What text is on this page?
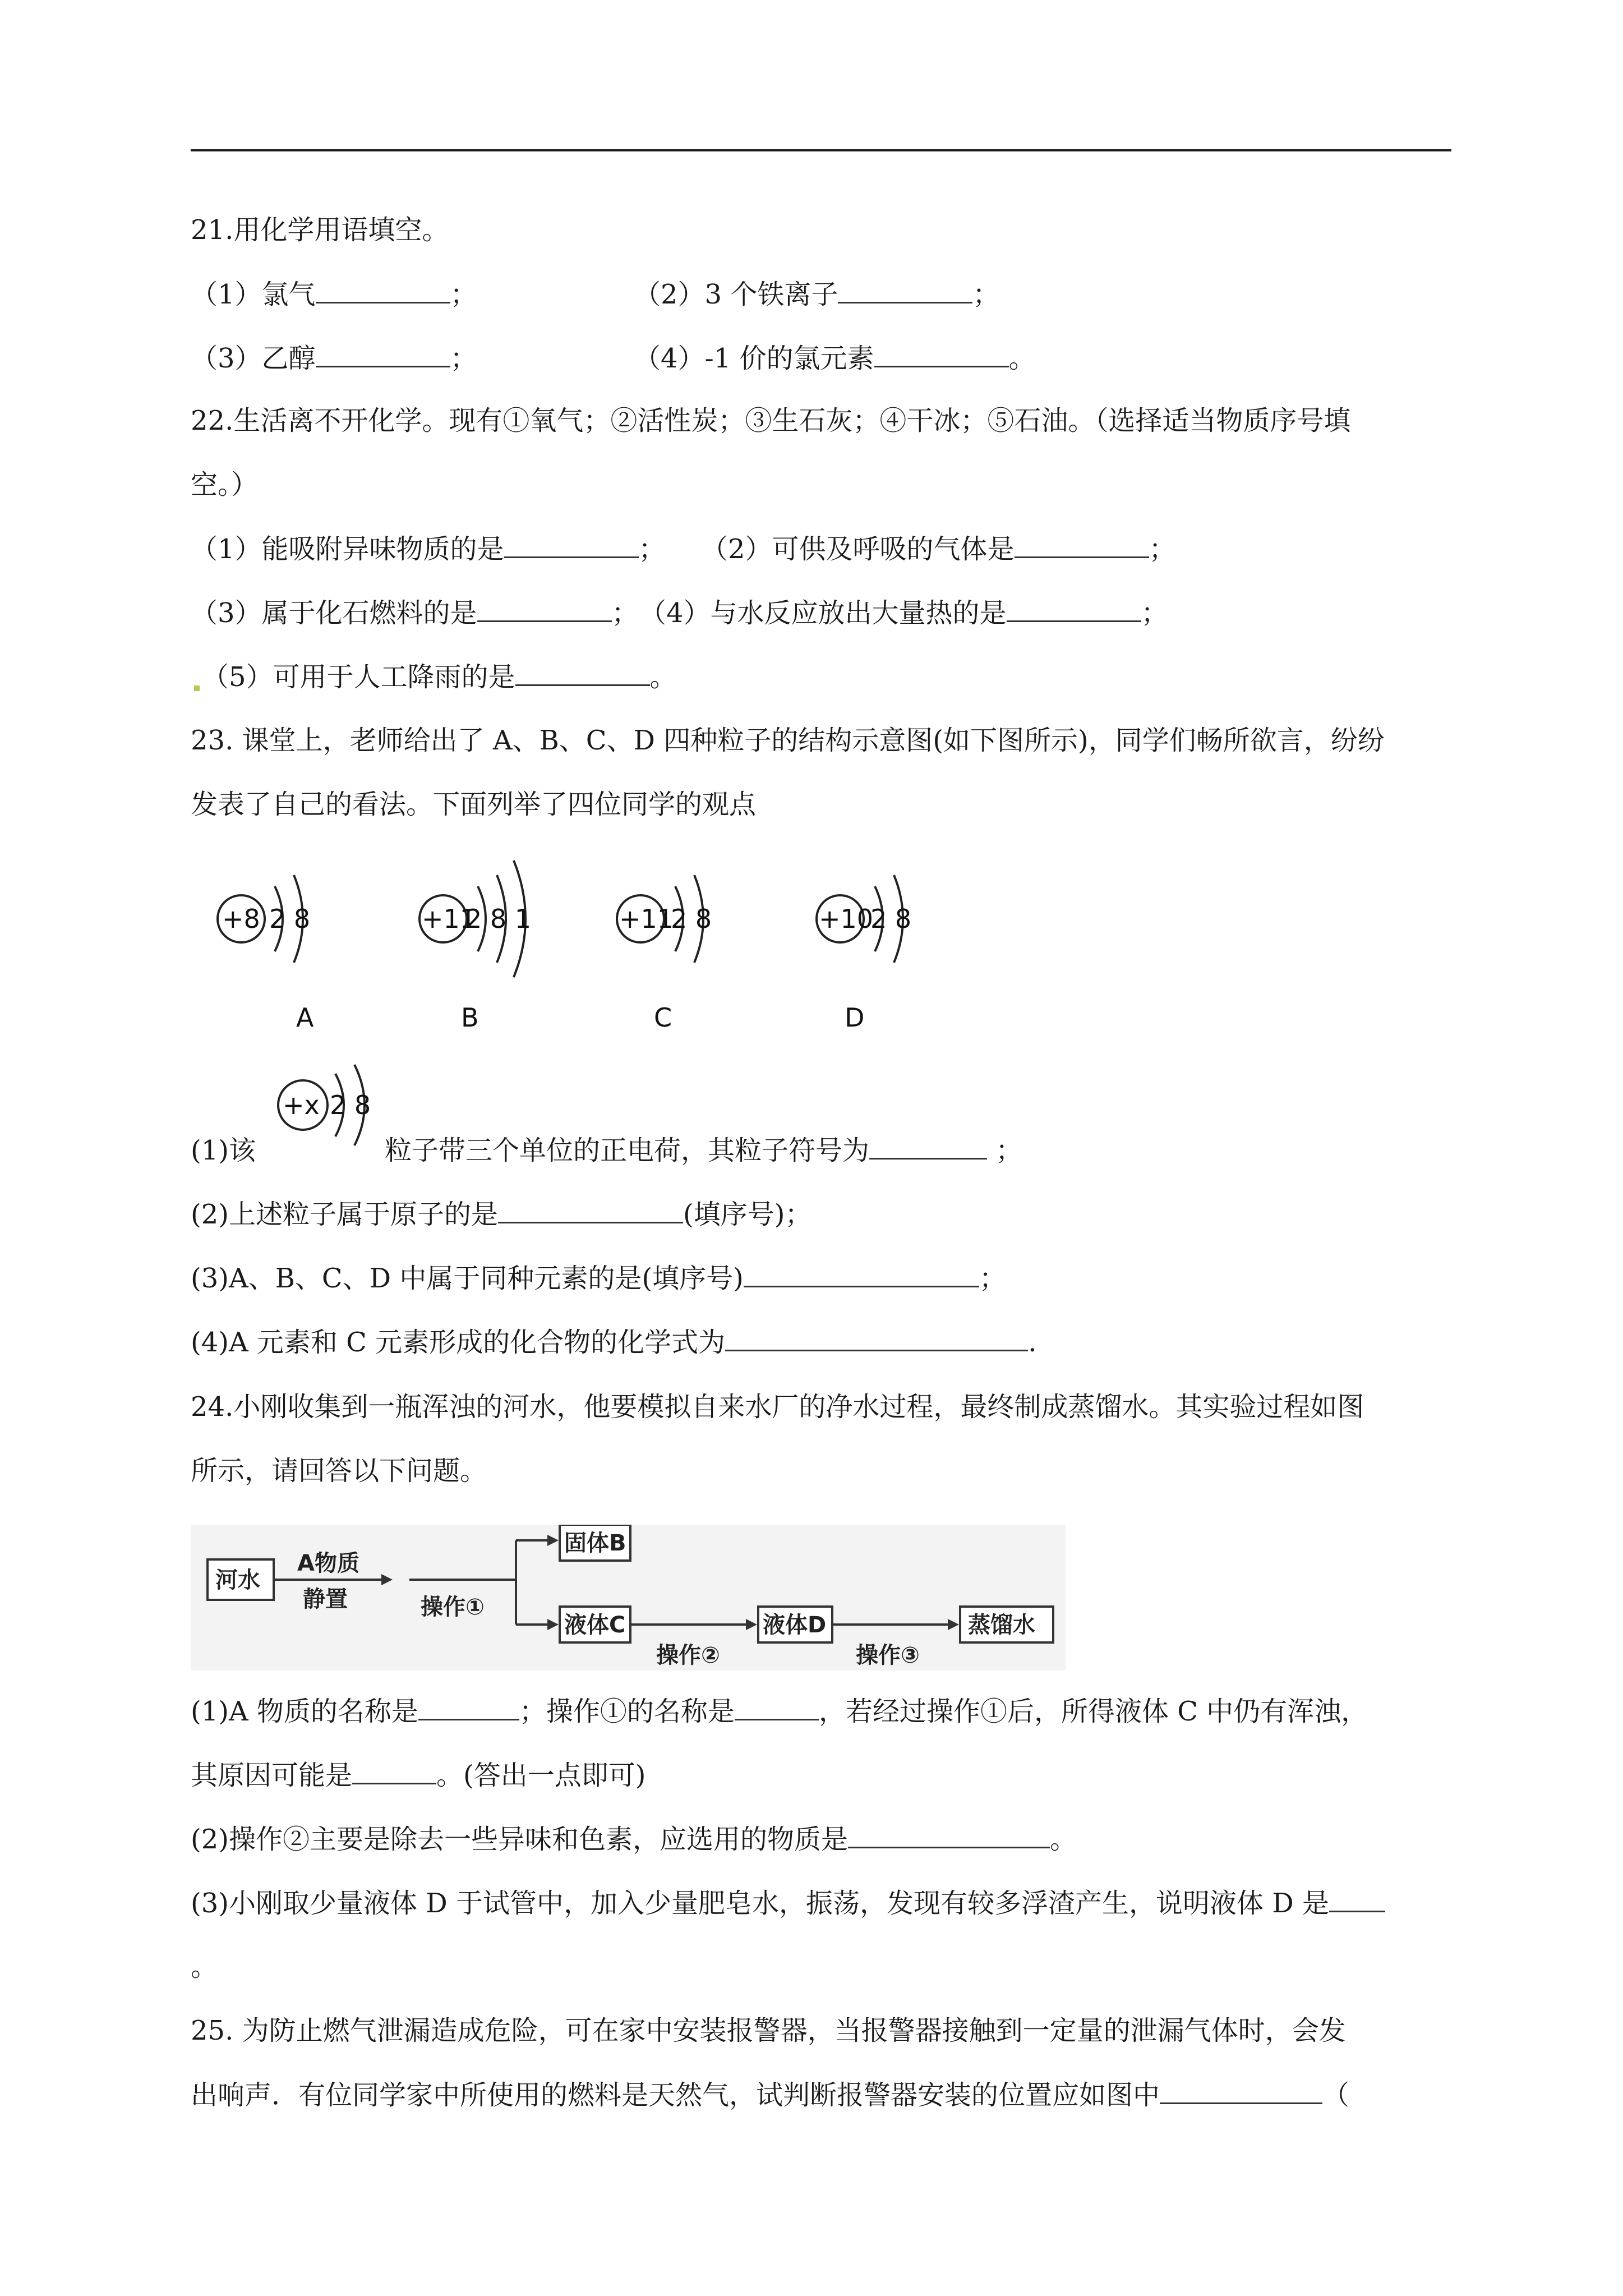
21.用化学用语填空。
（1）氯气	；	（2）3 个铁离子	；
（3）乙醇	；	（4）-1 价的氯元素	。
22.生活离不开化学。现有①氧气；②活性炭；③生石灰；④干冰；⑤石油。（选择适当物质序号填
空。）
（1）能吸附异味物质的是	； （2）可供及呼吸的气体是	；
（3）属于化石燃料的是	； （4）与水反应放出大量热的是	；
（5）可用于人工降雨的是	。
23. 课堂上，老师给出了 A、B、C、D 四种粒子的结构示意图(如下图所示)，同学们畅所欲言，纷纷
发表了自己的看法。下面列举了四位同学的观点
+8 2 8
A
+11
2 8 1
B
+11
2 8
C
+10
2 8
D
+x 2 8
(1)该	粒子带三个单位的正电荷，其粒子符号为	；
(2)上述粒子属于原子的是	(填序号)；
(3)A、B、C、D 中属于同种元素的是(填序号)	；
(4)A 元素和 C 元素形成的化合物的化学式为	.
24.小刚收集到一瓶浑浊的河水，他要模拟自来水厂的净水过程，最终制成蒸馏水。其实验过程如图
所示，请回答以下问题。
河水
A物质
静置	操作①
固体B
液体C
操作②
液体D
操作③
蒸馏水
(1)A 物质的名称是	；操作①的名称是	，若经过操作①后，所得液体 C 中仍有浑浊，
其原因可能是	。(答出一点即可)
(2)操作②主要是除去一些异味和色素，应选用的物质是	。
(3)小刚取少量液体 D 于试管中，加入少量肥皂水，振荡，发现有较多浮渣产生，说明液体 D 是
。
25. 为防止燃气泄漏造成危险，可在家中安装报警器，当报警器接触到一定量的泄漏气体时，会发
出响声．有位同学家中所使用的燃料是天然气，试判断报警器安装的位置应如图中	（
